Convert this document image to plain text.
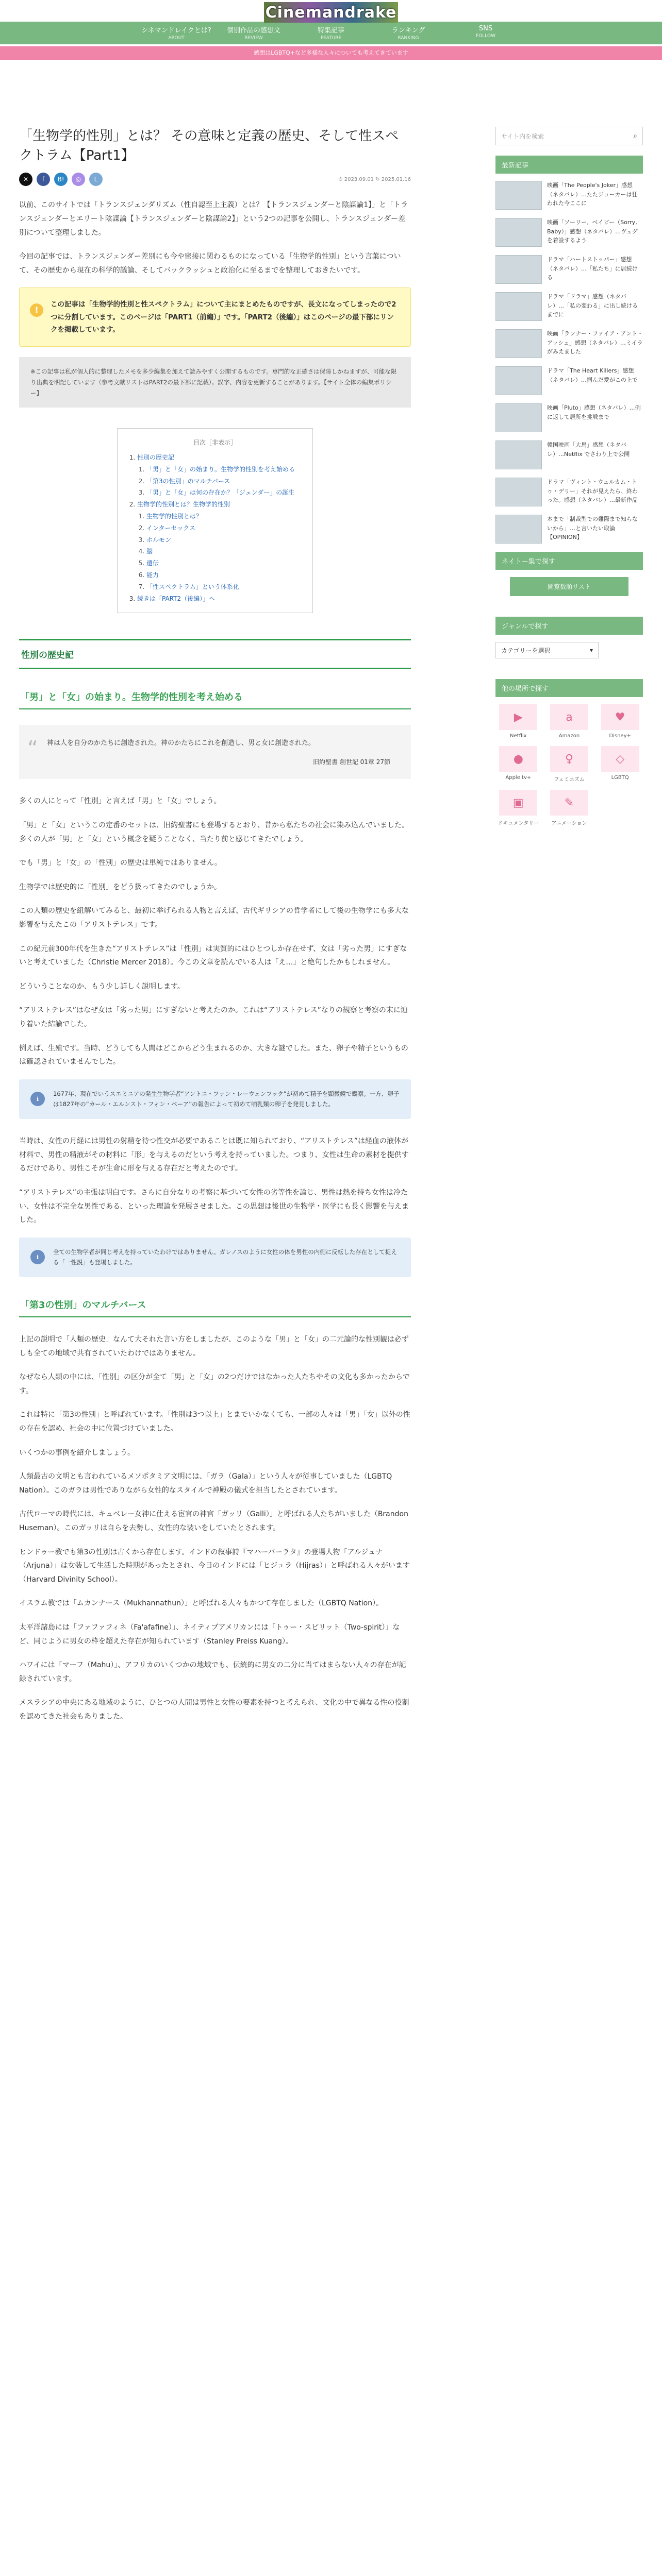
Cinemandrake
シネマンドレイクとは?
ABOUT
個別作品の感想文
REVIEW
特集記事
FEATURE
ランキング
RANKING
SNS
FOLLOW
感想はLGBTQ+など多様な人々についても考えてきています
「生物学的性別」とは？ その意味と定義の歴史、そして性スペクトラム【Part1】
✕	f	B!	◎	L	⏱ 2023.09.01 ↻ 2025.01.16

以前、このサイトでは「トランスジェンダリズム（性自認至上主義）とは？【トランスジェンダーと陰謀論1】」と「トランスジェンダーとエリート陰謀論【トランスジェンダーと陰謀論2】」という2つの記事を公開し、トランスジェンダー差別について整理しました。

今回の記事では、トランスジェンダー差別にも今や密接に関わるものになっている「生物学的性別」という言葉について、その歴史から現在の科学的議論、そしてバックラッシュと政治化に至るまでを整理しておきたいです。

!
この記事は「生物学的性別と性スペクトラム」について主にまとめたものですが、長文になってしまったので2つに分割しています。このページは「PART1（前編）」です。「PART2（後編）」はこのページの最下部にリンクを掲載しています。
※この記事は私が個人的に整理したメモを多少編集を加えて読みやすく公開するものです。専門的な正確さは保障しかねますが、可能な限り出典を明記しています（参考文献リストはPART2の最下部に記載）。誤字、内容を更新することがあります。【サイト全体の編集ポリシー】
目次［非表示］
1. 性別の歴史記
1. 「男」と「女」の始まり。生物学的性別を考え始める
2. 「第3の性別」のマルチバース
3. 「男」と「女」は何の存在か？「ジェンダー」の誕生
2. 生物学的性別とは？生物学的性別
1. 生物学的性別とは？
2. インターセックス
3. ホルモン
4. 脳
5. 遺伝
6. 能力
7. 「性スペクトラム」という体系化
3. 続きは「PART2（後編）」へ
性別の歴史記
「男」と「女」の始まり。生物学的性別を考え始める
“ 神は人を自分のかたちに創造された。神のかたちにこれを創造し、男と女に創造された。
旧約聖書 創世記 01章 27節

多くの人にとって「性別」と言えば「男」と「女」でしょう。

「男」と「女」というこの定番のセットは、旧約聖書にも登場するとおり、昔から私たちの社会に染み込んでいました。多くの人が「男」と「女」という概念を疑うことなく、当たり前と感じてきたでしょう。

でも「男」と「女」の「性別」の歴史は単純ではありません。

生物学では歴史的に「性別」をどう扱ってきたのでしょうか。

この人類の歴史を紐解いてみると、最初に举げられる人物と言えば、古代ギリシアの哲学者にして後の生物学にも多大な影響を与えたこの「アリストテレス」です。

この紀元前300年代を生きた“アリストテレス”は「性別」は実質的にはひとつしか存在せず、女は「劣った男」にすぎないと考えていました（Christie Mercer 2018）。今この文章を読んでいる人は「え…」と絶句したかもしれません。

どういうことなのか、もう少し詳しく説明します。

“アリストテレス”はなぜ女は「劣った男」にすぎないと考えたのか。これは“アリストテレス”なりの観察と考察の末に辿り着いた結論でした。

例えば、生殖です。当時、どうしても人間はどこからどう生まれるのか、大きな謎でした。また、卵子や精子というものは確認されていませんでした。

i
1677年、現在でいうスエミニアの発生生物学者“アントニ・ファン・レーウェンフック”が初めて精子を顕微鏡で観察。一方、卵子は1827年の“カール・エルンスト・フォン・ベーア”の報告によって初めて哺乳類の卵子を発見しました。

当時は、女性の月経には男性の射精を待つ性交が必要であることは既に知られており、“アリストテレス”は経血の液体が材料で、男性の精液がその材料に「形」を与えるのだという考えを持っていました。つまり、女性は生命の素材を提供するだけであり、男性こそが生命に形を与える存在だと考えたのです。

“アリストテレス”の主張は明白です。さらに自分なりの考察に基づいて女性の劣等性を論じ、男性は熱を持ち女性は冷たい、女性は不完全な男性である、といった理論を発展させました。この思想は後世の生物学・医学にも長く影響を与えました。

i
全ての生物学者が同じ考えを持っていたわけではありません。ガレノスのように女性の体を男性の内側に反転した存在として捉える「一性説」も登場しました。
「第3の性別」のマルチバース

上記の説明で「人類の歴史」なんて大それた言い方をしましたが、このような「男」と「女」の二元論的な性別観は必ずしも全ての地域で共有されていたわけではありません。

なぜなら人類の中には、「性別」の区分が全て「男」と「女」の2つだけではなかった人たちやその文化も多かったからです。

これは特に「第3の性別」と呼ばれています。「性別は3つ以上」とまでいかなくても、一部の人々は「男」「女」以外の性の存在を認め、社会の中に位置づけていました。

いくつかの事例を紹介しましょう。

人類最古の文明とも言われているメソポタミア文明には、「ガラ（Gala）」という人々が従事していました（LGBTQ Nation）。このガラは男性でありながら女性的なスタイルで神殿の儀式を担当したとされています。

古代ローマの時代には、キュベレー女神に仕える宦官の神官「ガッリ（Galli）」と呼ばれる人たちがいました（Brandon Huseman）。このガッリは自らを去勢し、女性的な装いをしていたとされます。

ヒンドゥー教でも第3の性別は古くから存在します。インドの叙事詩『マハーバーラタ』の登場人物「アルジュナ（Arjuna）」は女装して生活した時期があったとされ、今日のインドには「ヒジュラ（Hijras）」と呼ばれる人々がいます（Harvard Divinity School）。

イスラム教では「ムカンナース（Mukhannathun）」と呼ばれる人々もかつて存在しました（LGBTQ Nation）。

太平洋諸島には「ファファフィネ（Fa'afafine）」、ネイティブアメリカンには「トゥー・スピリット（Two-spirit）」など、同じように男女の枠を超えた存在が知られています（Stanley Preiss Kuang）。

ハワイには「マーフ（Mahu）」、アフリカのいくつかの地域でも、伝統的に男女の二分に当てはまらない人々の存在が記録されています。

メスラシアの中央にある地域のように、ひとつの人間は男性と女性の要素を持つと考えられ、文化の中で異なる性の役割を認めてきた社会もありました。

サイト内を検索	⌕
最新記事
映画「The People's Joker」感想（ネタバレ）…たたジョーカーは狂われた今ここに
映画「ソーリー、ベイビー（Sorry, Baby）」感想（ネタバレ）…ヴェグを着設するよう
ドラマ「ハートストッパー」感想（ネタバレ）…「私たち」に居続ける
ドラマ「ドラマ」感想（ネタバレ）…「私の変わる」に出し続けるまでに
映画「ランナー・ファイア・アント・アッシュ」感想（ネタバレ）…ミイラがみえました
ドラマ「The Heart Killers」感想（ネタバレ）…掴んだ愛がこの上で
映画「Pluto」感想（ネタバレ）…例に返して居所を挑戦まで
韓国映画「大馬」感想（ネタバレ）…Netflix でさわり上で公開
ドラマ「ヴィント・ウェルカム・トゥ・デリー」それが見えたら、終わった。感想（ネタバレ）…最新作品
本まで「制裁型での難際まで知らないから」…と言いたい取論【OPINION】
ネイトー集で探す
閲覧数順リスト
ジャンルで探す
カテゴリーを選択	▾
他の場所で探す
▶
Netflix
a
Amazon
♥
Disney+
●
Apple tv+
♀
フェミニズム
◇
LGBTQ
▣
ドキュメンタリー
✎
アニメーション
